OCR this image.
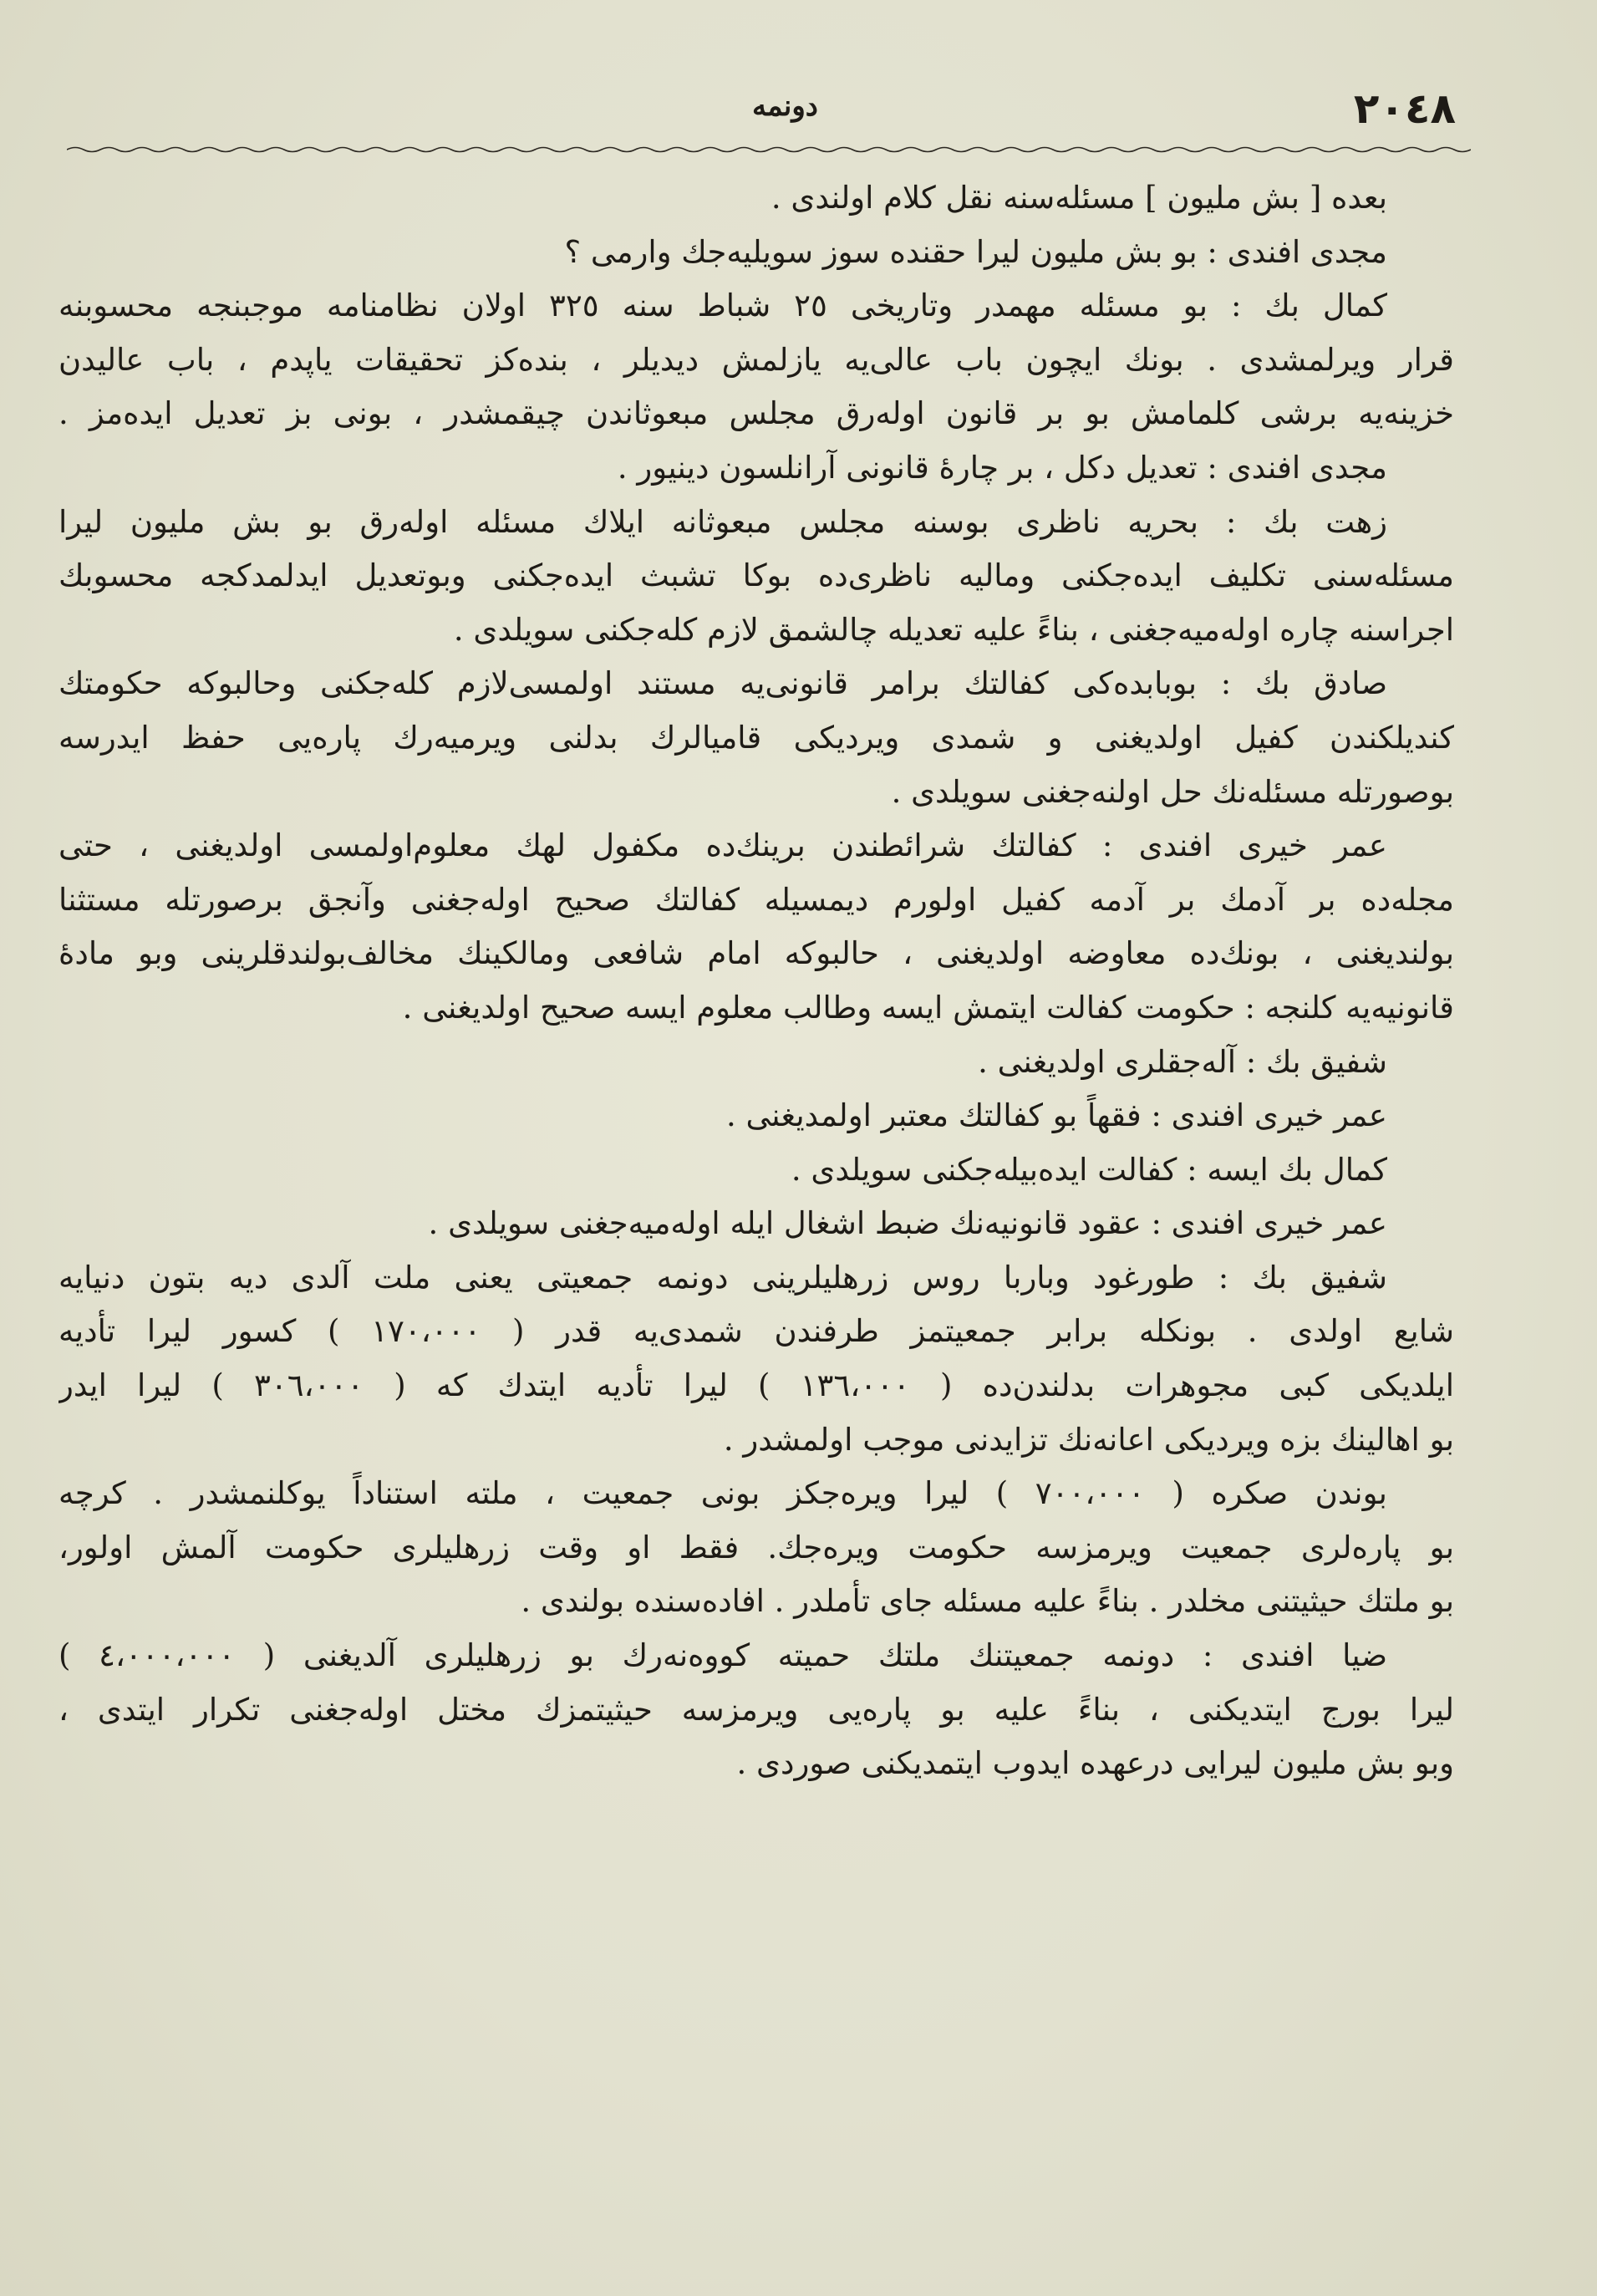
٢٠٤٨
دونمه
بعده [ بش مليون ] مسئله‌سنه نقل كلام اولندى .
مجدى افندى : بو بش مليون ليرا حقنده سوز سويليه‌جك وارمى ؟
كمال بك : بو مسئله مهمدر وتاريخى ٢٥ شباط سنه ٣٢٥ اولان نظامنامه موجبنجه محسوبنه
قرار ويرلمشدى . بونك ايچون باب عالى‌يه يازلمش ديديلر ، بنده‌كز تحقيقات ياپدم ، باب عاليدن
خزينه‌يه برشى كلمامش بو بر قانون اوله‌رق مجلس مبعوثاندن چيقمشدر ، بونى بز تعديل ايده‌مز .
مجدى افندى : تعديل دكل ، بر چارهٔ قانونى آرانلسون دينيور .
زهت بك : بحريه ناظرى بوسنه مجلس مبعوثانه ايلاك مسئله اوله‌رق بو بش مليون ليرا
مسئله‌سنى تكليف ايده‌جكنى وماليه ناظرى‌ده بوكا تشبث ايده‌جكنى وبوتعديل ايدلمدكجه محسوبك
اجراسنه چاره اوله‌ميه‌جغنى ، بناءً عليه تعديله چالشمق لازم كله‌جكنى سويلدى .
صادق بك : بوبابده‌كى كفالتك برامر قانونى‌يه مستند اولمسى‌لازم كله‌جكنى وحالبوكه حكومتك
كنديلكندن كفيل اولديغنى و شمدى ويرديكى قاميالرك بدلنى ويرميه‌رك پاره‌يى حفظ ايدرسه
بوصورتله مسئله‌نك حل اولنه‌جغنى سويلدى .
عمر خيرى افندى : كفالتك شرائطندن برينك‌ده مكفول لهك معلوم‌اولمسى اولديغنى ، حتى
مجله‌ده بر آدمك بر آدمه كفيل اولورم ديمسيله كفالتك صحيح اوله‌جغنى وآنجق برصورتله مستثنا
بولنديغنى ، بونك‌ده معاوضه اولديغنى ، حالبوكه امام شافعى ومالكينك مخالف‌بولندقلرينى وبو ماده‌ٔ
قانونيه‌يه كلنجه : حكومت كفالت ايتمش ايسه وطالب معلوم ايسه صحيح اولديغنى .
شفيق بك : آله‌جقلرى اولديغنى .
عمر خيرى افندى : فقهاً بو كفالتك معتبر اولمديغنى .
كمال بك ايسه : كفالت ايده‌بيله‌جكنى سويلدى .
عمر خيرى افندى : عقود قانونيه‌نك ضبط اشغال ايله اوله‌ميه‌جغنى سويلدى .
شفيق بك : طورغود وباربا روس زرهليلرينى دونمه جمعيتى يعنى ملت آلدى ديه بتون دنيايه
شايع اولدى . بونكله برابر جمعيتمز طرفندن شمدى‌يه قدر ( ١٧٠،٠٠٠ ) كسور ليرا تأديه
ايلديكى كبى مجوهرات بدلندن‌ده ( ١٣٦،٠٠٠ ) ليرا تأديه ايتدك كه ( ٣٠٦،٠٠٠ ) ليرا ايدر
بو اهالينك بزه ويرديكى اعانه‌نك تزايدنى موجب اولمشدر .
بوندن صكره ( ٧٠٠،٠٠٠ ) ليرا ويره‌جكز بونى جمعيت ، ملته استناداً يوكلنمشدر . كرچه
بو پاره‌لرى جمعيت ويرمزسه حكومت ويره‌جك. فقط او وقت زرهليلرى حكومت آلمش اولور،
بو ملتك حيثيتنى مخلدر . بناءً عليه مسئله جاى تأملدر . افاده‌سنده بولندى .
ضيا افندى : دونمه جمعيتنك ملتك حميته كووه‌نه‌رك بو زرهليلرى آلديغنى ( ٤،٠٠٠،٠٠٠ )
ليرا بورج ايتديكنى ، بناءً عليه بو پاره‌يى ويرمزسه حيثيتمزك مختل اوله‌جغنى تكرار ايتدى ،
وبو بش مليون ليرايى درعهده ايدوب ايتمديكنى صوردى .
